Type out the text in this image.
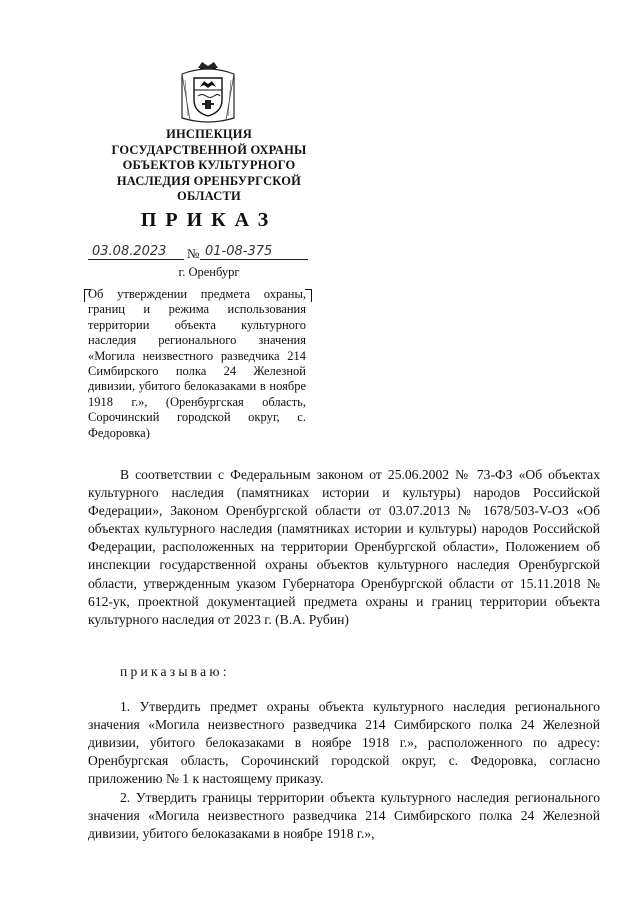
ИНСПЕКЦИЯ
ГОСУДАРСТВЕННОЙ ОХРАНЫ
ОБЪЕКТОВ КУЛЬТУРНОГО
НАСЛЕДИЯ ОРЕНБУРГСКОЙ
ОБЛАСТИ
ПРИКАЗ
03.08.2023	№ 01-08-375
г. Оренбург
Об утверждении предмета охраны, границ и режима использования территории объекта культурного наследия регионального значения «Могила неизвестного разведчика 214 Симбирского полка 24 Железной дивизии, убитого белоказаками в ноябре 1918 г.», (Оренбургская область, Сорочинский городской округ, с. Федоровка)
В соответствии с Федеральным законом от 25.06.2002 № 73-ФЗ «Об объектах культурного наследия (памятниках истории и культуры) народов Российской Федерации», Законом Оренбургской области от 03.07.2013 № 1678/503-V-ОЗ «Об объектах культурного наследия (памятниках истории и культуры) народов Российской Федерации, расположенных на территории Оренбургской области», Положением об инспекции государственной охраны объектов культурного наследия Оренбургской области, утвержденным указом Губернатора Оренбургской области от 15.11.2018 № 612-ук, проектной документацией предмета охраны и границ территории объекта культурного наследия от 2023 г. (В.А. Рубин)
приказываю:
1. Утвердить предмет охраны объекта культурного наследия регионального значения «Могила неизвестного разведчика 214 Симбирского полка 24 Железной дивизии, убитого белоказаками в ноябре 1918 г.», расположенного по адресу: Оренбургская область, Сорочинский городской округ, с. Федоровка, согласно приложению № 1 к настоящему приказу.
2. Утвердить границы территории объекта культурного наследия регионального значения «Могила неизвестного разведчика 214 Симбирского полка 24 Железной дивизии, убитого белоказаками в ноябре 1918 г.»,
